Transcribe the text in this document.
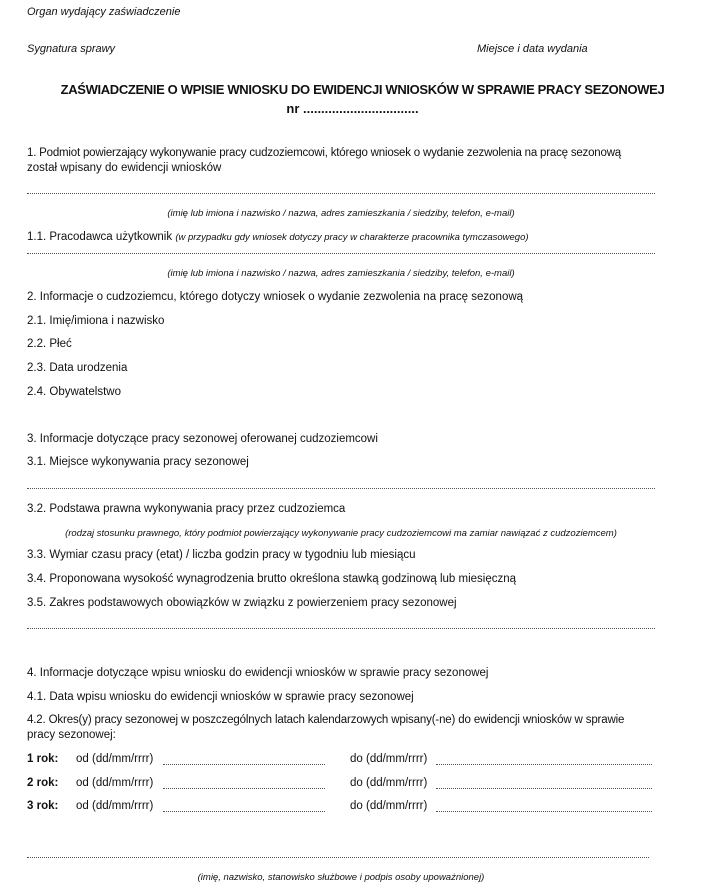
Organ wydający zaświadczenie
Sygnatura sprawy	Miejsce i data wydania
ZAŚWIADCZENIE O WPISIE WNIOSKU DO EWIDENCJI WNIOSKÓW W SPRAWIE PRACY SEZONOWEJ
nr ................................
1. Podmiot powierzający wykonywanie pracy cudzoziemcowi, którego wniosek o wydanie zezwolenia na pracę sezonową
został wpisany do ewidencji wniosków
(imię lub imiona i nazwisko / nazwa, adres zamieszkania / siedziby, telefon, e-mail)
1.1. Pracodawca użytkownik (w przypadku gdy wniosek dotyczy pracy w charakterze pracownika tymczasowego)
(imię lub imiona i nazwisko / nazwa, adres zamieszkania / siedziby, telefon, e-mail)
2. Informacje o cudzoziemcu, którego dotyczy wniosek o wydanie zezwolenia na pracę sezonową
2.1. Imię/imiona i nazwisko
2.2. Płeć
2.3. Data urodzenia
2.4. Obywatelstwo
3. Informacje dotyczące pracy sezonowej oferowanej cudzoziemcowi
3.1. Miejsce wykonywania pracy sezonowej
3.2. Podstawa prawna wykonywania pracy przez cudzoziemca
(rodzaj stosunku prawnego, który podmiot powierzający wykonywanie pracy cudzoziemcowi ma zamiar nawiązać z cudzoziemcem)
3.3. Wymiar czasu pracy (etat) / liczba godzin pracy w tygodniu lub miesiącu
3.4. Proponowana wysokość wynagrodzenia brutto określona stawką godzinową lub miesięczną
3.5. Zakres podstawowych obowiązków w związku z powierzeniem pracy sezonowej
4. Informacje dotyczące wpisu wniosku do ewidencji wniosków w sprawie pracy sezonowej
4.1. Data wpisu wniosku do ewidencji wniosków w sprawie pracy sezonowej
4.2. Okres(y) pracy sezonowej w poszczególnych latach kalendarzowych wpisany(-ne) do ewidencji wniosków w sprawie
pracy sezonowej:
1 rok: od (dd/mm/rrrr)	do (dd/mm/rrrr)
2 rok: od (dd/mm/rrrr)	do (dd/mm/rrrr)
3 rok: od (dd/mm/rrrr)	do (dd/mm/rrrr)
(imię, nazwisko, stanowisko służbowe i podpis osoby upoważnionej)
